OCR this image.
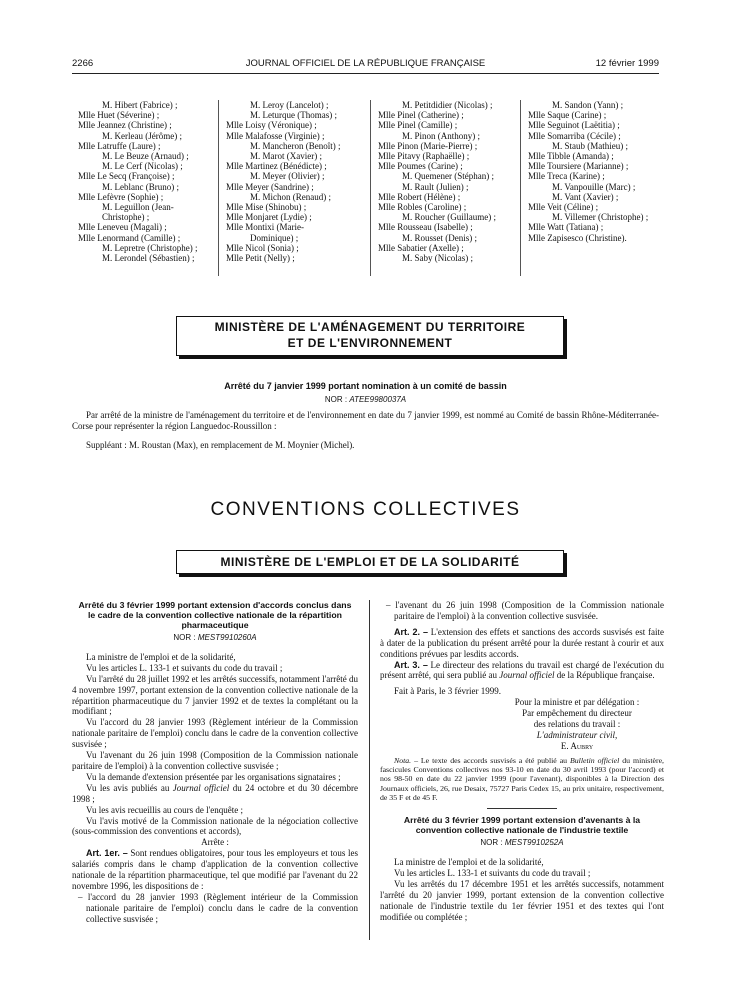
2266	JOURNAL OFFICIEL DE LA RÉPUBLIQUE FRANÇAISE	12 février 1999
M. Hibert (Fabrice) ;
Mlle Huet (Séverine) ;
Mlle Jeannez (Christine) ;
M. Kerleau (Jérôme) ;
Mlle Latruffe (Laure) ;
M. Le Beuze (Arnaud) ;
M. Le Cerf (Nicolas) ;
Mlle Le Secq (Françoise) ;
M. Leblanc (Bruno) ;
Mlle Lefèvre (Sophie) ;
M. Leguillon (Jean-
Christophe) ;
Mlle Leneveu (Magali) ;
Mlle Lenormand (Camille) ;
M. Lepretre (Christophe) ;
M. Lerondel (Sébastien) ;
M. Leroy (Lancelot) ;
M. Leturque (Thomas) ;
Mlle Loisy (Véronique) ;
Mlle Malafosse (Virginie) ;
M. Mancheron (Benoît) ;
M. Marot (Xavier) ;
Mlle Martinez (Bénédicte) ;
M. Meyer (Olivier) ;
Mlle Meyer (Sandrine) ;
M. Michon (Renaud) ;
Mlle Mise (Shinobu) ;
Mlle Monjaret (Lydie) ;
Mlle Montixi (Marie-
Dominique) ;
Mlle Nicol (Sonia) ;
Mlle Petit (Nelly) ;
M. Petitdidier (Nicolas) ;
Mlle Pinel (Catherine) ;
Mlle Pinel (Camille) ;
M. Pinon (Anthony) ;
Mlle Pinon (Marie-Pierre) ;
Mlle Pitavy (Raphaëlle) ;
Mlle Poumes (Carine) ;
M. Quemener (Stéphan) ;
M. Rault (Julien) ;
Mlle Robert (Hélène) ;
Mlle Robles (Caroline) ;
M. Roucher (Guillaume) ;
Mlle Rousseau (Isabelle) ;
M. Rousset (Denis) ;
Mlle Sabatier (Axelle) ;
M. Saby (Nicolas) ;
M. Sandon (Yann) ;
Mlle Saque (Carine) ;
Mlle Seguinot (Laëtitia) ;
Mlle Somarriba (Cécile) ;
M. Staub (Mathieu) ;
Mlle Tibble (Amanda) ;
Mlle Toursiere (Marianne) ;
Mlle Treca (Karine) ;
M. Vanpouille (Marc) ;
M. Vant (Xavier) ;
Mlle Veit (Céline) ;
M. Villemer (Christophe) ;
Mlle Watt (Tatiana) ;
Mlle Zapisesco (Christine).
MINISTÈRE DE L'AMÉNAGEMENT DU TERRITOIRE
ET DE L'ENVIRONNEMENT
Arrêté du 7 janvier 1999 portant nomination à un comité de bassin
NOR : ATEE9980037A
Par arrêté de la ministre de l'aménagement du territoire et de l'environnement en date du 7 janvier 1999, est nommé au Comité de bassin Rhône-Méditerranée-Corse pour représenter la région Languedoc-Roussillon :
Suppléant : M. Roustan (Max), en remplacement de M. Moynier (Michel).
CONVENTIONS COLLECTIVES
MINISTÈRE DE L'EMPLOI ET DE LA SOLIDARITÉ
Arrêté du 3 février 1999 portant extension d'accords conclus dans le cadre de la convention collective nationale de la répartition pharmaceutique
NOR : MEST9910260A

La ministre de l'emploi et de la solidarité,

Vu les articles L. 133-1 et suivants du code du travail ;

Vu l'arrêté du 28 juillet 1992 et les arrêtés successifs, notamment l'arrêté du 4 novembre 1997, portant extension de la convention collective nationale de la répartition pharmaceutique du 7 janvier 1992 et de textes la complétant ou la modifiant ;

Vu l'accord du 28 janvier 1993 (Règlement intérieur de la Commission nationale paritaire de l'emploi) conclu dans le cadre de la convention collective susvisée ;

Vu l'avenant du 26 juin 1998 (Composition de la Commission nationale paritaire de l'emploi) à la convention collective susvisée ;

Vu la demande d'extension présentée par les organisations signataires ;

Vu les avis publiés au Journal officiel du 24 octobre et du 30 décembre 1998 ;

Vu les avis recueillis au cours de l'enquête ;

Vu l'avis motivé de la Commission nationale de la négociation collective (sous-commission des conventions et accords),

Arrête :

Art. 1er. – Sont rendues obligatoires, pour tous les employeurs et tous les salariés compris dans le champ d'application de la convention collective nationale de la répartition pharmaceutique, tel que modifié par l'avenant du 22 novembre 1996, les dispositions de :

– l'accord du 28 janvier 1993 (Règlement intérieur de la Commission nationale paritaire de l'emploi) conclu dans le cadre de la convention collective susvisée ;

– l'avenant du 26 juin 1998 (Composition de la Commission nationale paritaire de l'emploi) à la convention collective susvisée.

Art. 2. – L'extension des effets et sanctions des accords susvisés est faite à dater de la publication du présent arrêté pour la durée restant à courir et aux conditions prévues par lesdits accords.

Art. 3. – Le directeur des relations du travail est chargé de l'exécution du présent arrêté, qui sera publié au Journal officiel de la République française.

Fait à Paris, le 3 février 1999.

Pour la ministre et par délégation :
Par empêchement du directeur
des relations du travail :
L'administrateur civil,
E. Aubry

Nota. – Le texte des accords susvisés a été publié au Bulletin officiel du ministère, fascicules Conventions collectives nos 93-10 en date du 30 avril 1993 (pour l'accord) et nos 98-50 en date du 22 janvier 1999 (pour l'avenant), disponibles à la Direction des Journaux officiels, 26, rue Desaix, 75727 Paris Cedex 15, au prix unitaire, respectivement, de 35 F et de 45 F.

Arrêté du 3 février 1999 portant extension d'avenants à la convention collective nationale de l'industrie textile
NOR : MEST9910252A

La ministre de l'emploi et de la solidarité,

Vu les articles L. 133-1 et suivants du code du travail ;

Vu les arrêtés du 17 décembre 1951 et les arrêtés successifs, notamment l'arrêté du 20 janvier 1999, portant extension de la convention collective nationale de l'industrie textile du 1er février 1951 et des textes qui l'ont modifiée ou complétée ;
